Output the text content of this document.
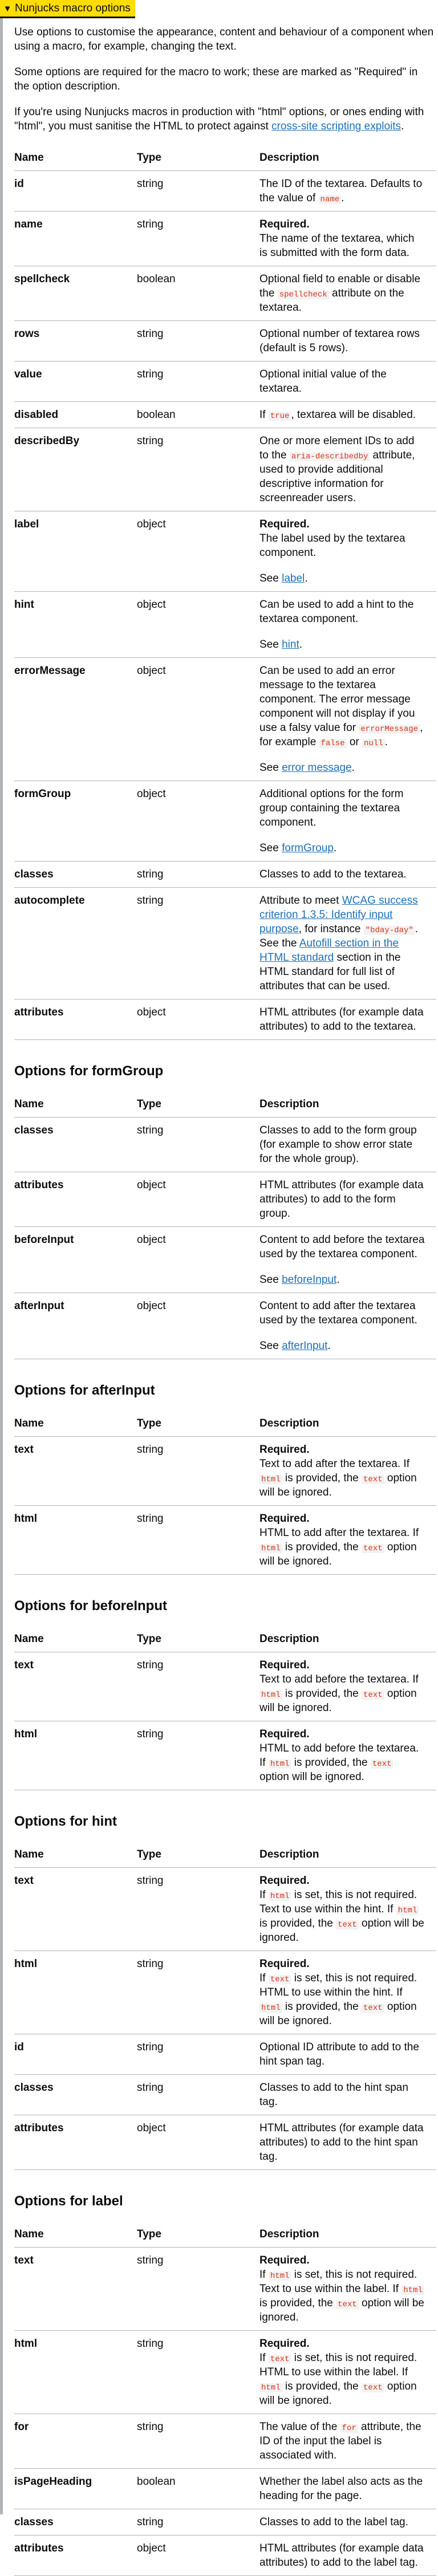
▼ Nunjucks macro options

Use options to customise the appearance, content and behaviour of a component when using a macro, for example, changing the text.

Some options are required for the macro to work; these are marked as "Required" in the option description.

If you're using Nunjucks macros in production with "html" options, or ones ending with "html", you must sanitise the HTML to protect against cross-site scripting exploits.

Name	Type	Description
id	string	The ID of the textarea. Defaults to the value of name .

name	string	Required.

The name of the textarea, which is submitted with the form data.

spellcheck	boolean	Optional field to enable or disable the spellcheck attribute on the textarea.

rows	string	Optional number of textarea rows (default is 5 rows).

value	string	Optional initial value of the textarea.

disabled	boolean	If true , textarea will be disabled.

describedBy	string	One or more element IDs to add to the aria-describedby attribute, used to provide additional descriptive information for screenreader users.

label	object	Required.

The label used by the textarea component.

See label.

hint	object	Can be used to add a hint to the textarea component.

See hint.

errorMessage	object	Can be used to add an error message to the textarea component. The error message component will not display if you use a falsy value for errorMessage , for example false or null .

See error message.

formGroup	object	Additional options for the form group containing the textarea component.

See formGroup.

classes	string	Classes to add to the textarea.

autocomplete	string	Attribute to meet WCAG success criterion 1.3.5: Identify input purpose, for instance "bday-day" . See the Autofill section in the HTML standard section in the HTML standard for full list of attributes that can be used.

attributes	object	HTML attributes (for example data attributes) to add to the textarea.

Options for formGroup
Name	Type	Description
classes	string	Classes to add to the form group (for example to show error state for the whole group).

attributes	object	HTML attributes (for example data attributes) to add to the form group.

beforeInput	object	Content to add before the textarea used by the textarea component.

See beforeInput.

afterInput	object	Content to add after the textarea used by the textarea component.

See afterInput.

Options for afterInput
Name	Type	Description
text	string	Required.

Text to add after the textarea. If html is provided, the text option will be ignored.

html	string	Required.

HTML to add after the textarea. If html is provided, the text option will be ignored.

Options for beforeInput
Name	Type	Description
text	string	Required.

Text to add before the textarea. If html is provided, the text option will be ignored.

html	string	Required.

HTML to add before the textarea. If html is provided, the text option will be ignored.

Options for hint
Name	Type	Description
text	string	Required.

If html is set, this is not required. Text to use within the hint. If html is provided, the text option will be ignored.

html	string	Required.

If text is set, this is not required. HTML to use within the hint. If html is provided, the text option will be ignored.

id	string	Optional ID attribute to add to the hint span tag.

classes	string	Classes to add to the hint span tag.

attributes	object	HTML attributes (for example data attributes) to add to the hint span tag.

Options for label
Name	Type	Description
text	string	Required.

If html is set, this is not required. Text to use within the label. If html is provided, the text option will be ignored.

html	string	Required.

If text is set, this is not required. HTML to use within the label. If html is provided, the text option will be ignored.

for	string	The value of the for attribute, the ID of the input the label is associated with.

isPageHeading	boolean	Whether the label also acts as the heading for the page.

classes	string	Classes to add to the label tag.

attributes	object	HTML attributes (for example data attributes) to add to the label tag.
